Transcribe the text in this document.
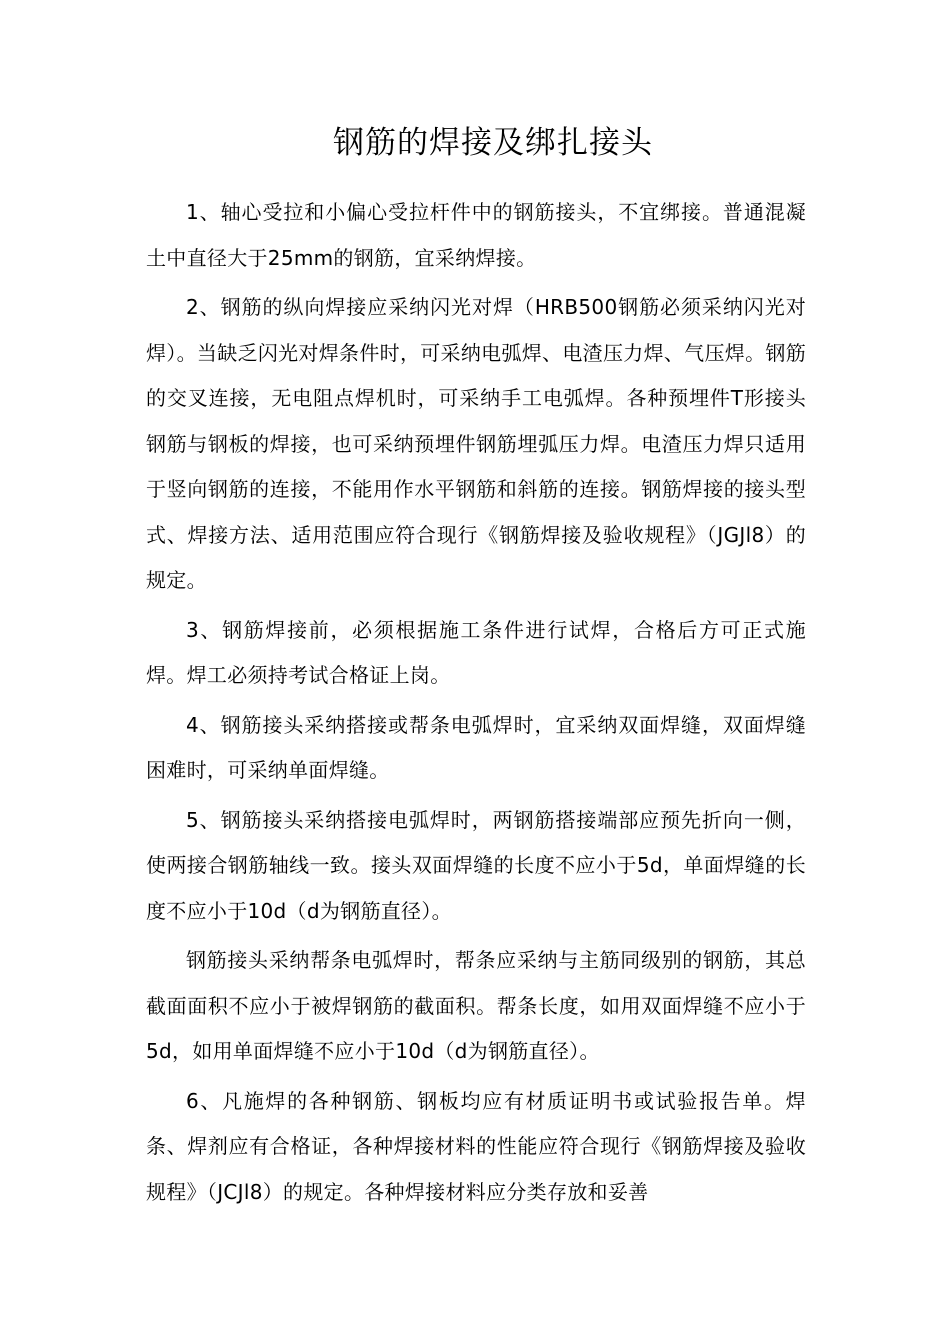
钢筋的焊接及绑扎接头

1、轴心受拉和小偏心受拉杆件中的钢筋接头，不宜绑接。普通混凝土中直径大于25mm的钢筋，宜采纳焊接。

2、钢筋的纵向焊接应采纳闪光对焊（HRB500钢筋必须采纳闪光对焊）。当缺乏闪光对焊条件时，可采纳电弧焊、电渣压力焊、气压焊。钢筋的交叉连接，无电阻点焊机时，可采纳手工电弧焊。各种预埋件T形接头钢筋与钢板的焊接，也可采纳预埋件钢筋埋弧压力焊。电渣压力焊只适用于竖向钢筋的连接，不能用作水平钢筋和斜筋的连接。钢筋焊接的接头型式、焊接方法、适用范围应符合现行《钢筋焊接及验收规程》（JGJl8）的规定。

3、钢筋焊接前，必须根据施工条件进行试焊，合格后方可正式施焊。焊工必须持考试合格证上岗。

4、钢筋接头采纳搭接或帮条电弧焊时，宜采纳双面焊缝，双面焊缝困难时，可采纳单面焊缝。

5、钢筋接头采纳搭接电弧焊时，两钢筋搭接端部应预先折向一侧，使两接合钢筋轴线一致。接头双面焊缝的长度不应小于5d，单面焊缝的长度不应小于10d（d为钢筋直径）。

钢筋接头采纳帮条电弧焊时，帮条应采纳与主筋同级别的钢筋，其总截面面积不应小于被焊钢筋的截面积。帮条长度，如用双面焊缝不应小于5d，如用单面焊缝不应小于10d（d为钢筋直径）。

6、凡施焊的各种钢筋、钢板均应有材质证明书或试验报告单。焊条、焊剂应有合格证，各种焊接材料的性能应符合现行《钢筋焊接及验收规程》（JCJl8）的规定。各种焊接材料应分类存放和妥善
